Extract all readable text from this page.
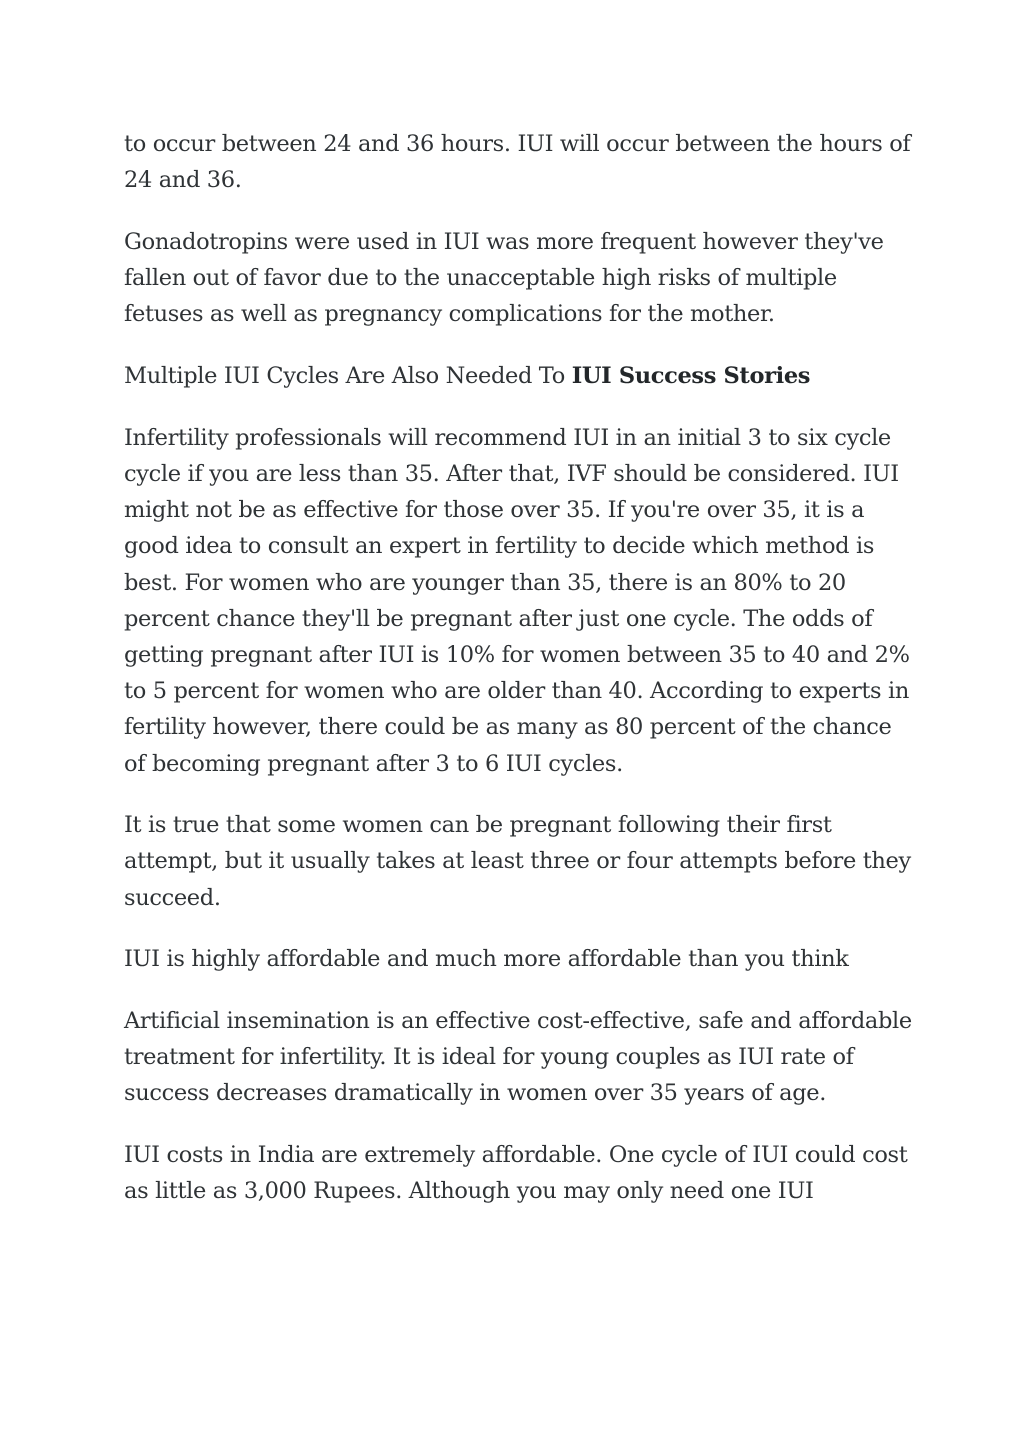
to occur between 24 and 36 hours. IUI will occur between the hours of 24 and 36.

Gonadotropins were used in IUI was more frequent however they've fallen out of favor due to the unacceptable high risks of multiple fetuses as well as pregnancy complications for the mother.

Multiple IUI Cycles Are Also Needed To IUI Success Stories

Infertility professionals will recommend IUI in an initial 3 to six cycle cycle if you are less than 35. After that, IVF should be considered. IUI might not be as effective for those over 35. If you're over 35, it is a good idea to consult an expert in fertility to decide which method is best. For women who are younger than 35, there is an 80% to 20 percent chance they'll be pregnant after just one cycle. The odds of getting pregnant after IUI is 10% for women between 35 to 40 and 2% to 5 percent for women who are older than 40. According to experts in fertility however, there could be as many as 80 percent of the chance of becoming pregnant after 3 to 6 IUI cycles.

It is true that some women can be pregnant following their first attempt, but it usually takes at least three or four attempts before they succeed.

IUI is highly affordable and much more affordable than you think

Artificial insemination is an effective cost-effective, safe and affordable treatment for infertility. It is ideal for young couples as IUI rate of success decreases dramatically in women over 35 years of age.

IUI costs in India are extremely affordable. One cycle of IUI could cost as little as 3,000 Rupees. Although you may only need one IUI
